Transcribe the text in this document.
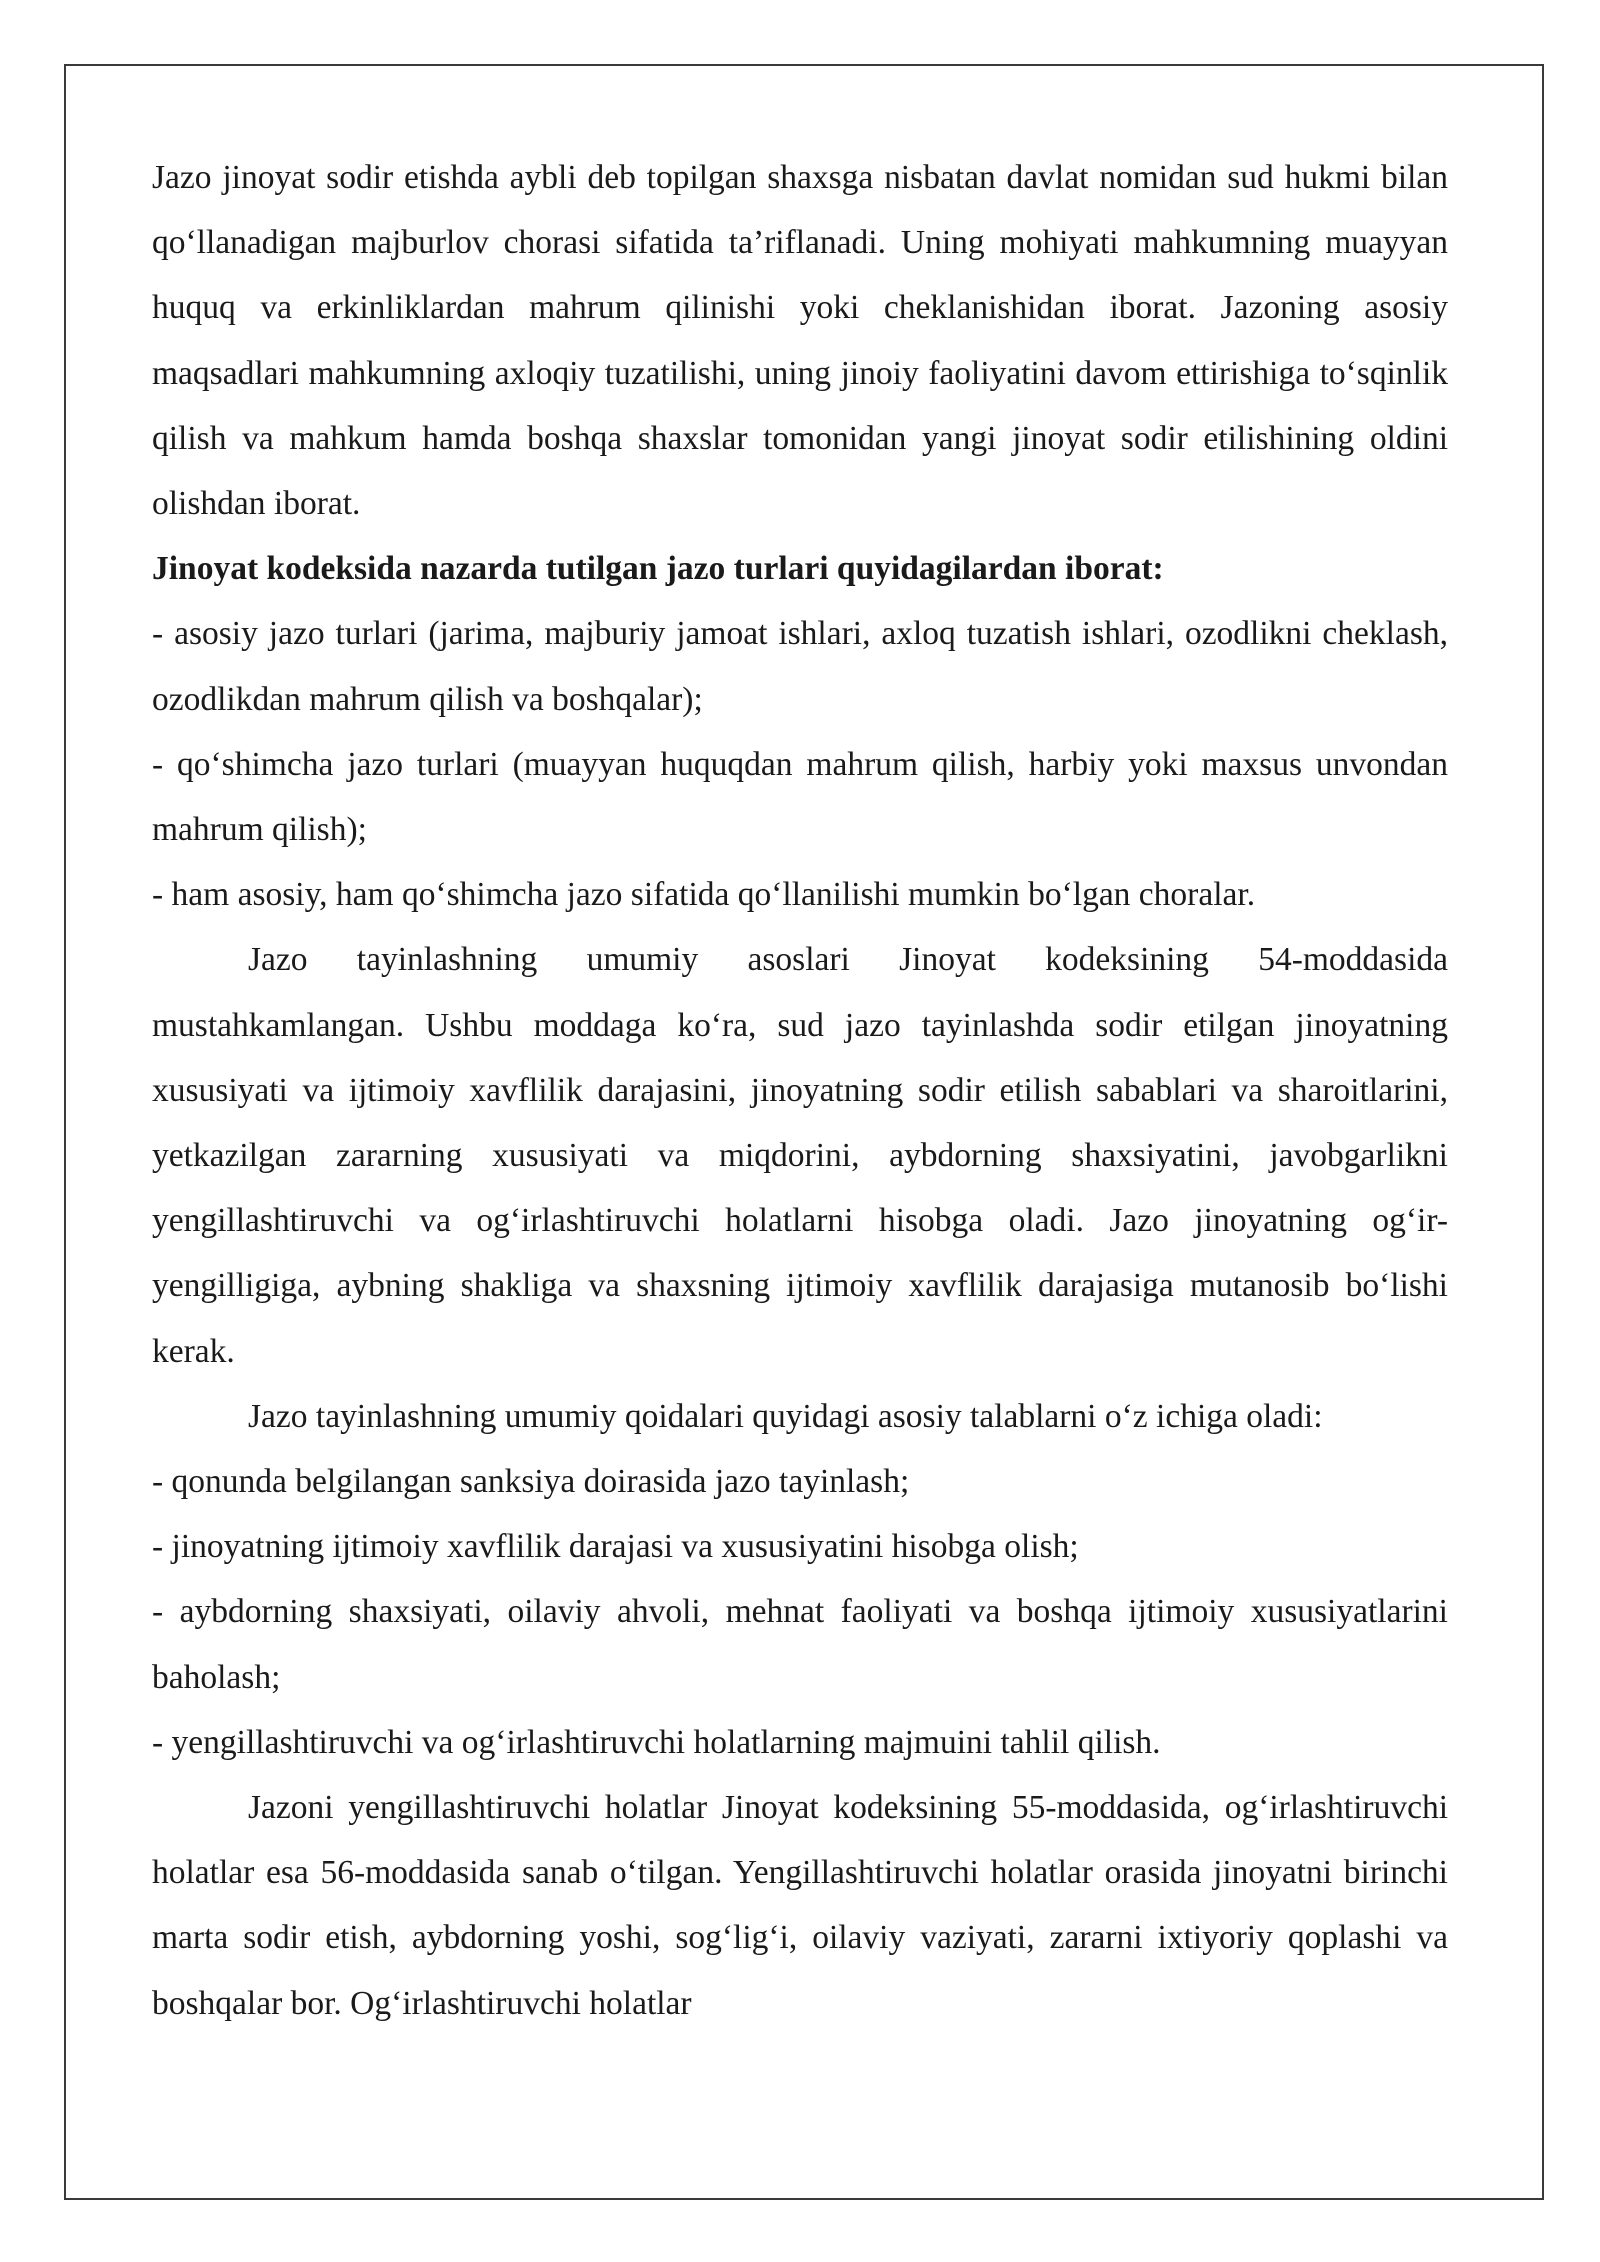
Jazo jinoyat sodir etishda aybli deb topilgan shaxsga nisbatan davlat nomidan sud hukmi bilan qo‘llanadigan majburlov chorasi sifatida ta’riflanadi. Uning mohiyati mahkumning muayyan huquq va erkinliklardan mahrum qilinishi yoki cheklanishidan iborat. Jazoning asosiy maqsadlari mahkumning axloqiy tuzatilishi, uning jinoiy faoliyatini davom ettirishiga to‘sqinlik qilish va mahkum hamda boshqa shaxslar tomonidan yangi jinoyat sodir etilishining oldini olishdan iborat.

Jinoyat kodeksida nazarda tutilgan jazo turlari quyidagilardan iborat:

- asosiy jazo turlari (jarima, majburiy jamoat ishlari, axloq tuzatish ishlari, ozodlikni cheklash, ozodlikdan mahrum qilish va boshqalar);

- qo‘shimcha jazo turlari (muayyan huquqdan mahrum qilish, harbiy yoki maxsus unvondan mahrum qilish);

- ham asosiy, ham qo‘shimcha jazo sifatida qo‘llanilishi mumkin bo‘lgan choralar.

Jazo tayinlashning umumiy asoslari Jinoyat kodeksining 54-moddasida mustahkamlangan. Ushbu moddaga ko‘ra, sud jazo tayinlashda sodir etilgan jinoyatning xususiyati va ijtimoiy xavflilik darajasini, jinoyatning sodir etilish sabablari va sharoitlarini, yetkazilgan zararning xususiyati va miqdorini, aybdorning shaxsiyatini, javobgarlikni yengillashtiruvchi va og‘irlashtiruvchi holatlarni hisobga oladi. Jazo jinoyatning og‘ir-yengilligiga, aybning shakliga va shaxsning ijtimoiy xavflilik darajasiga mutanosib bo‘lishi kerak.

Jazo tayinlashning umumiy qoidalari quyidagi asosiy talablarni o‘z ichiga oladi:

- qonunda belgilangan sanksiya doirasida jazo tayinlash;

- jinoyatning ijtimoiy xavflilik darajasi va xususiyatini hisobga olish;

- aybdorning shaxsiyati, oilaviy ahvoli, mehnat faoliyati va boshqa ijtimoiy xususiyatlarini baholash;

- yengillashtiruvchi va og‘irlashtiruvchi holatlarning majmuini tahlil qilish.

Jazoni yengillashtiruvchi holatlar Jinoyat kodeksining 55-moddasida, og‘irlashtiruvchi holatlar esa 56-moddasida sanab o‘tilgan. Yengillashtiruvchi holatlar orasida jinoyatni birinchi marta sodir etish, aybdorning yoshi, sog‘lig‘i, oilaviy vaziyati, zararni ixtiyoriy qoplashi va boshqalar bor. Og‘irlashtiruvchi holatlar
